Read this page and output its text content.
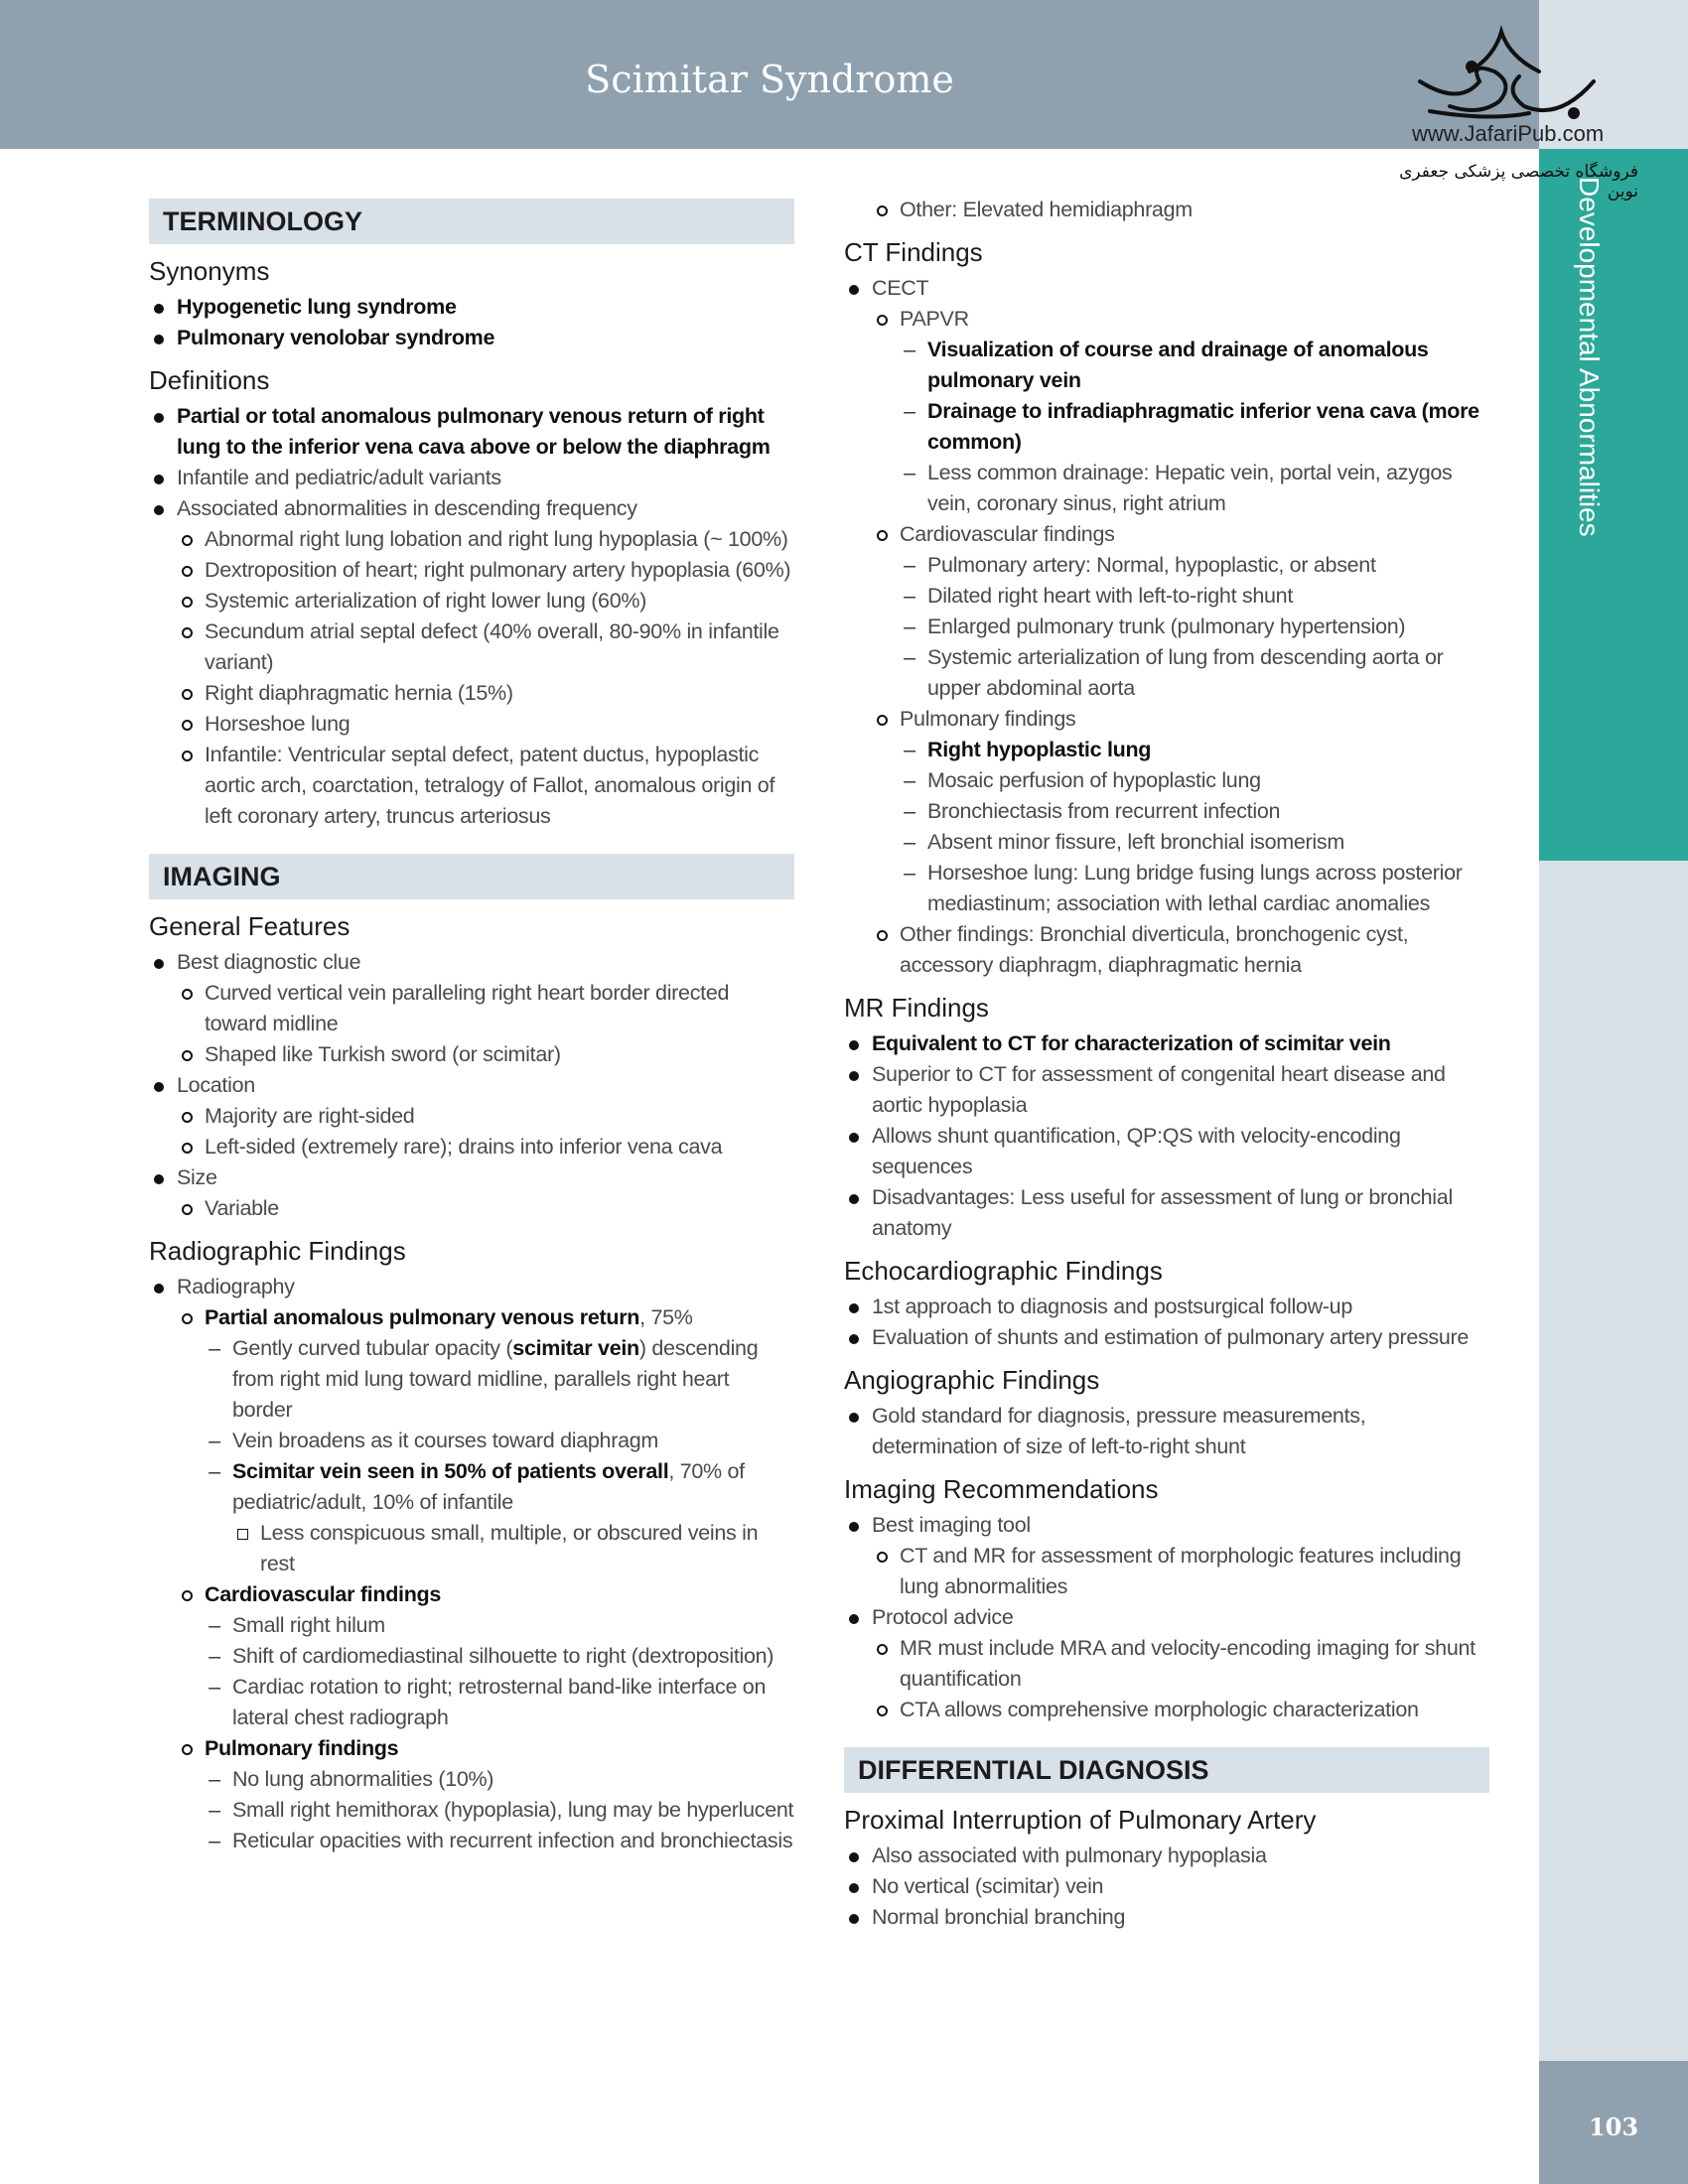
Scimitar Syndrome
Developmental Abnormalities
103
www.JafariPub.com
فروشگاه تخصصی پزشکی جعفری نوین
TERMINOLOGY
Synonyms
Hypogenetic lung syndrome
Pulmonary venolobar syndrome
Definitions
Partial or total anomalous pulmonary venous return of right lung to the inferior vena cava above or below the diaphragm
Infantile and pediatric/adult variants
Associated abnormalities in descending frequency
Abnormal right lung lobation and right lung hypoplasia (~ 100%)
Dextroposition of heart; right pulmonary artery hypoplasia (60%)
Systemic arterialization of right lower lung (60%)
Secundum atrial septal defect (40% overall, 80-90% in infantile variant)
Right diaphragmatic hernia (15%)
Horseshoe lung
Infantile: Ventricular septal defect, patent ductus, hypoplastic aortic arch, coarctation, tetralogy of Fallot, anomalous origin of left coronary artery, truncus arteriosus
IMAGING
General Features
Best diagnostic clue
Curved vertical vein paralleling right heart border directed toward midline
Shaped like Turkish sword (or scimitar)
Location
Majority are right-sided
Left-sided (extremely rare); drains into inferior vena cava
Size
Variable
Radiographic Findings
Radiography
Partial anomalous pulmonary venous return, 75%
– Gently curved tubular opacity (scimitar vein) descending from right mid lung toward midline, parallels right heart border
– Vein broadens as it courses toward diaphragm
– Scimitar vein seen in 50% of patients overall, 70% of pediatric/adult, 10% of infantile
Less conspicuous small, multiple, or obscured veins in rest
Cardiovascular findings
– Small right hilum
– Shift of cardiomediastinal silhouette to right (dextroposition)
– Cardiac rotation to right; retrosternal band-like interface on lateral chest radiograph
Pulmonary findings
– No lung abnormalities (10%)
– Small right hemithorax (hypoplasia), lung may be hyperlucent
– Reticular opacities with recurrent infection and bronchiectasis
Other: Elevated hemidiaphragm
CT Findings
CECT
PAPVR
– Visualization of course and drainage of anomalous pulmonary vein
– Drainage to infradiaphragmatic inferior vena cava (more common)
– Less common drainage: Hepatic vein, portal vein, azygos vein, coronary sinus, right atrium
Cardiovascular findings
– Pulmonary artery: Normal, hypoplastic, or absent
– Dilated right heart with left-to-right shunt
– Enlarged pulmonary trunk (pulmonary hypertension)
– Systemic arterialization of lung from descending aorta or upper abdominal aorta
Pulmonary findings
– Right hypoplastic lung
– Mosaic perfusion of hypoplastic lung
– Bronchiectasis from recurrent infection
– Absent minor fissure, left bronchial isomerism
– Horseshoe lung: Lung bridge fusing lungs across posterior mediastinum; association with lethal cardiac anomalies
Other findings: Bronchial diverticula, bronchogenic cyst, accessory diaphragm, diaphragmatic hernia
MR Findings
Equivalent to CT for characterization of scimitar vein
Superior to CT for assessment of congenital heart disease and aortic hypoplasia
Allows shunt quantification, QP:QS with velocity-encoding sequences
Disadvantages: Less useful for assessment of lung or bronchial anatomy
Echocardiographic Findings
1st approach to diagnosis and postsurgical follow-up
Evaluation of shunts and estimation of pulmonary artery pressure
Angiographic Findings
Gold standard for diagnosis, pressure measurements, determination of size of left-to-right shunt
Imaging Recommendations
Best imaging tool
CT and MR for assessment of morphologic features including lung abnormalities
Protocol advice
MR must include MRA and velocity-encoding imaging for shunt quantification
CTA allows comprehensive morphologic characterization
DIFFERENTIAL DIAGNOSIS
Proximal Interruption of Pulmonary Artery
Also associated with pulmonary hypoplasia
No vertical (scimitar) vein
Normal bronchial branching
